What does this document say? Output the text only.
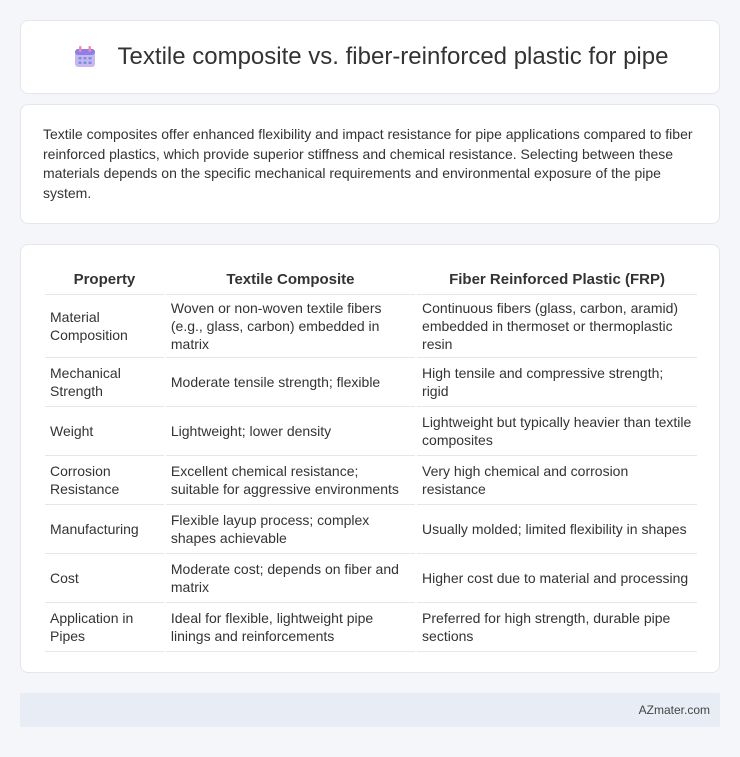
Textile composite vs. fiber-reinforced plastic for pipe

Textile composites offer enhanced flexibility and impact resistance for pipe applications compared to fiber reinforced plastics, which provide superior stiffness and chemical resistance. Selecting between these materials depends on the specific mechanical requirements and environmental exposure of the pipe system.

Property	Textile Composite	Fiber Reinforced Plastic (FRP)
Material Composition	Woven or non-woven textile fibers (e.g., glass, carbon) embedded in matrix	Continuous fibers (glass, carbon, aramid) embedded in thermoset or thermoplastic resin
Mechanical Strength	Moderate tensile strength; flexible	High tensile and compressive strength; rigid
Weight	Lightweight; lower density	Lightweight but typically heavier than textile composites
Corrosion Resistance	Excellent chemical resistance; suitable for aggressive environments	Very high chemical and corrosion resistance
Manufacturing	Flexible layup process; complex shapes achievable	Usually molded; limited flexibility in shapes
Cost	Moderate cost; depends on fiber and matrix	Higher cost due to material and processing
Application in Pipes	Ideal for flexible, lightweight pipe linings and reinforcements	Preferred for high strength, durable pipe sections
AZmater.com
